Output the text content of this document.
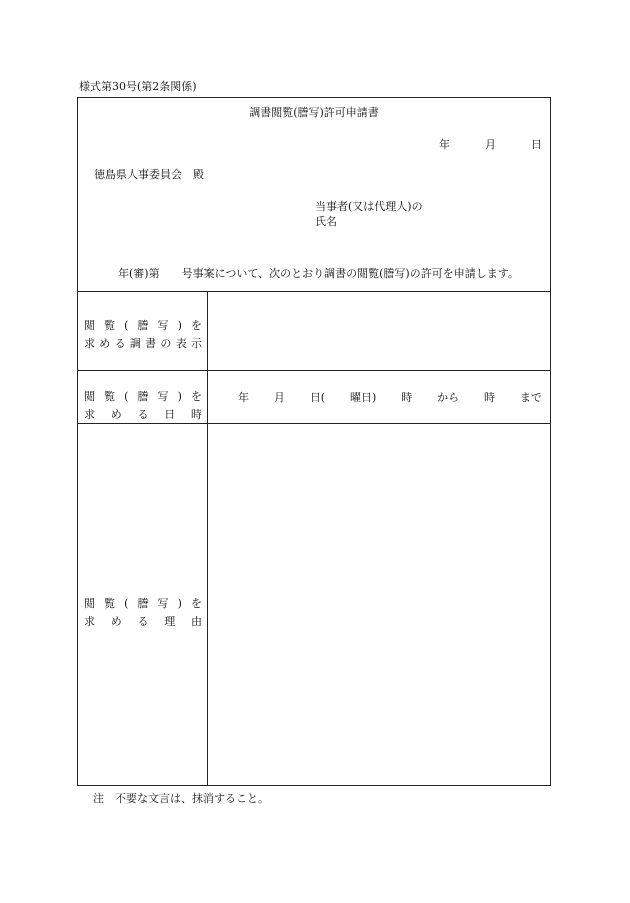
様式第30号(第2条関係)
調書閲覧(謄写)許可申請書
年	月	日
徳島県人事委員会　殿
当事者(又は代理人)の
氏名
年(審)第　　号事案について、次のとおり調書の閲覧(謄写)の許可を申請します。
閲 覧 ( 謄 写 ) を
求 め る 調 書 の 表 示
閲 覧 ( 謄 写 ) を
求 め る 日 時
年 月 日( 曜日) 時 から 時 まで
閲 覧 ( 謄 写 ) を
求 め る 理 由
注　不要な文言は、抹消すること。
